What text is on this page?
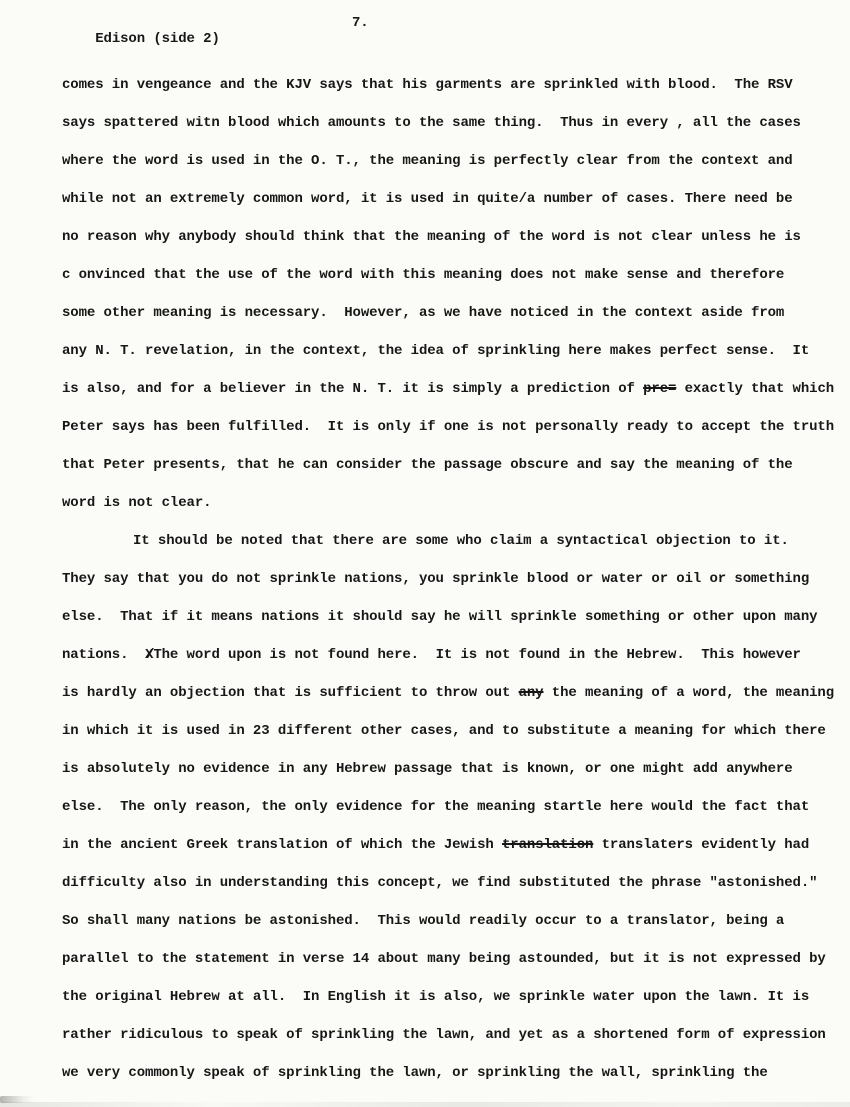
Edison (side 2)

7.

comes in vengeance and the KJV says that his garments are sprinkled with blood.  The RSV
says spattered witn blood which amounts to the same thing.  Thus in every , all the cases
where the word is used in the O. T., the meaning is perfectly clear from the context and
while not an extremely common word, it is used in quite/a number of cases. There need be
no reason why anybody should think that the meaning of the word is not clear unless he is
c onvinced that the use of the word with this meaning does not make sense and therefore
some other meaning is necessary.  However, as we have noticed in the context aside from
any N. T. revelation, in the context, the idea of sprinkling here makes perfect sense.  It
is also, and for a believer in the N. T. it is simply a prediction of pre= exactly that which
Peter says has been fulfilled.  It is only if one is not personally ready to accept the truth
that Peter presents, that he can consider the passage obscure and say the meaning of the
word is not clear.
It should be noted that there are some who claim a syntactical objection to it.
They say that you do not sprinkle nations, you sprinkle blood or water or oil or something
else.  That if it means nations it should say he will sprinkle something or other upon many
nations.  X /The word upon is not found here.  It is not found in the Hebrew.  This however
is hardly an objection that is sufficient to throw out any the meaning of a word, the meaning
in which it is used in 23 different other cases, and to substitute a meaning for which there
is absolutely no evidence in any Hebrew passage that is known, or one might add anywhere
else.  The only reason, the only evidence for the meaning startle here would the fact that
in the ancient Greek translation of which the Jewish translation translaters evidently had
difficulty also in understanding this concept, we find substituted the phrase "astonished."
So shall many nations be astonished.  This would readily occur to a translator, being a
parallel to the statement in verse 14 about many being astounded, but it is not expressed by
the original Hebrew at all.  In English it is also, we sprinkle water upon the lawn. It is
rather ridiculous to speak of sprinkling the lawn, and yet as a shortened form of expression
we very commonly speak of sprinkling the lawn, or sprinkling the wall, sprinkling the
